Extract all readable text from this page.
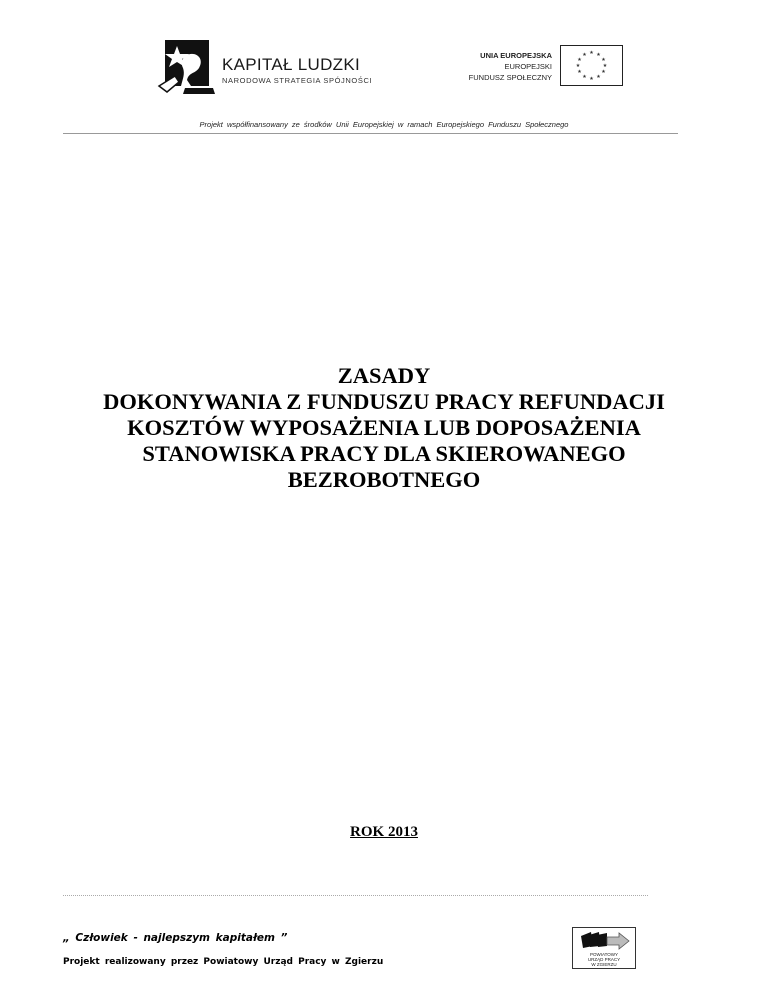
KAPITAŁ LUDZKI
NARODOWA STRATEGIA SPÓJNOŚCI
UNIA EUROPEJSKA
EUROPEJSKI
FUNDUSZ SPOŁECZNY
★ ★
★
★
★
★
★
★
★
★
★
★
Projekt współfinansowany ze środków Unii Europejskiej w ramach Europejskiego Funduszu Społecznego
ZASADY
DOKONYWANIA Z FUNDUSZU PRACY REFUNDACJI
KOSZTÓW WYPOSAŻENIA LUB DOPOSAŻENIA
STANOWISKA PRACY DLA SKIEROWANEGO
BEZROBOTNEGO
ROK 2013
„ Człowiek - najlepszym kapitałem ”
Projekt realizowany przez Powiatowy Urząd Pracy w Zgierzu
POWIATOWY
URZĄD PRACY
W ZGIERZU
